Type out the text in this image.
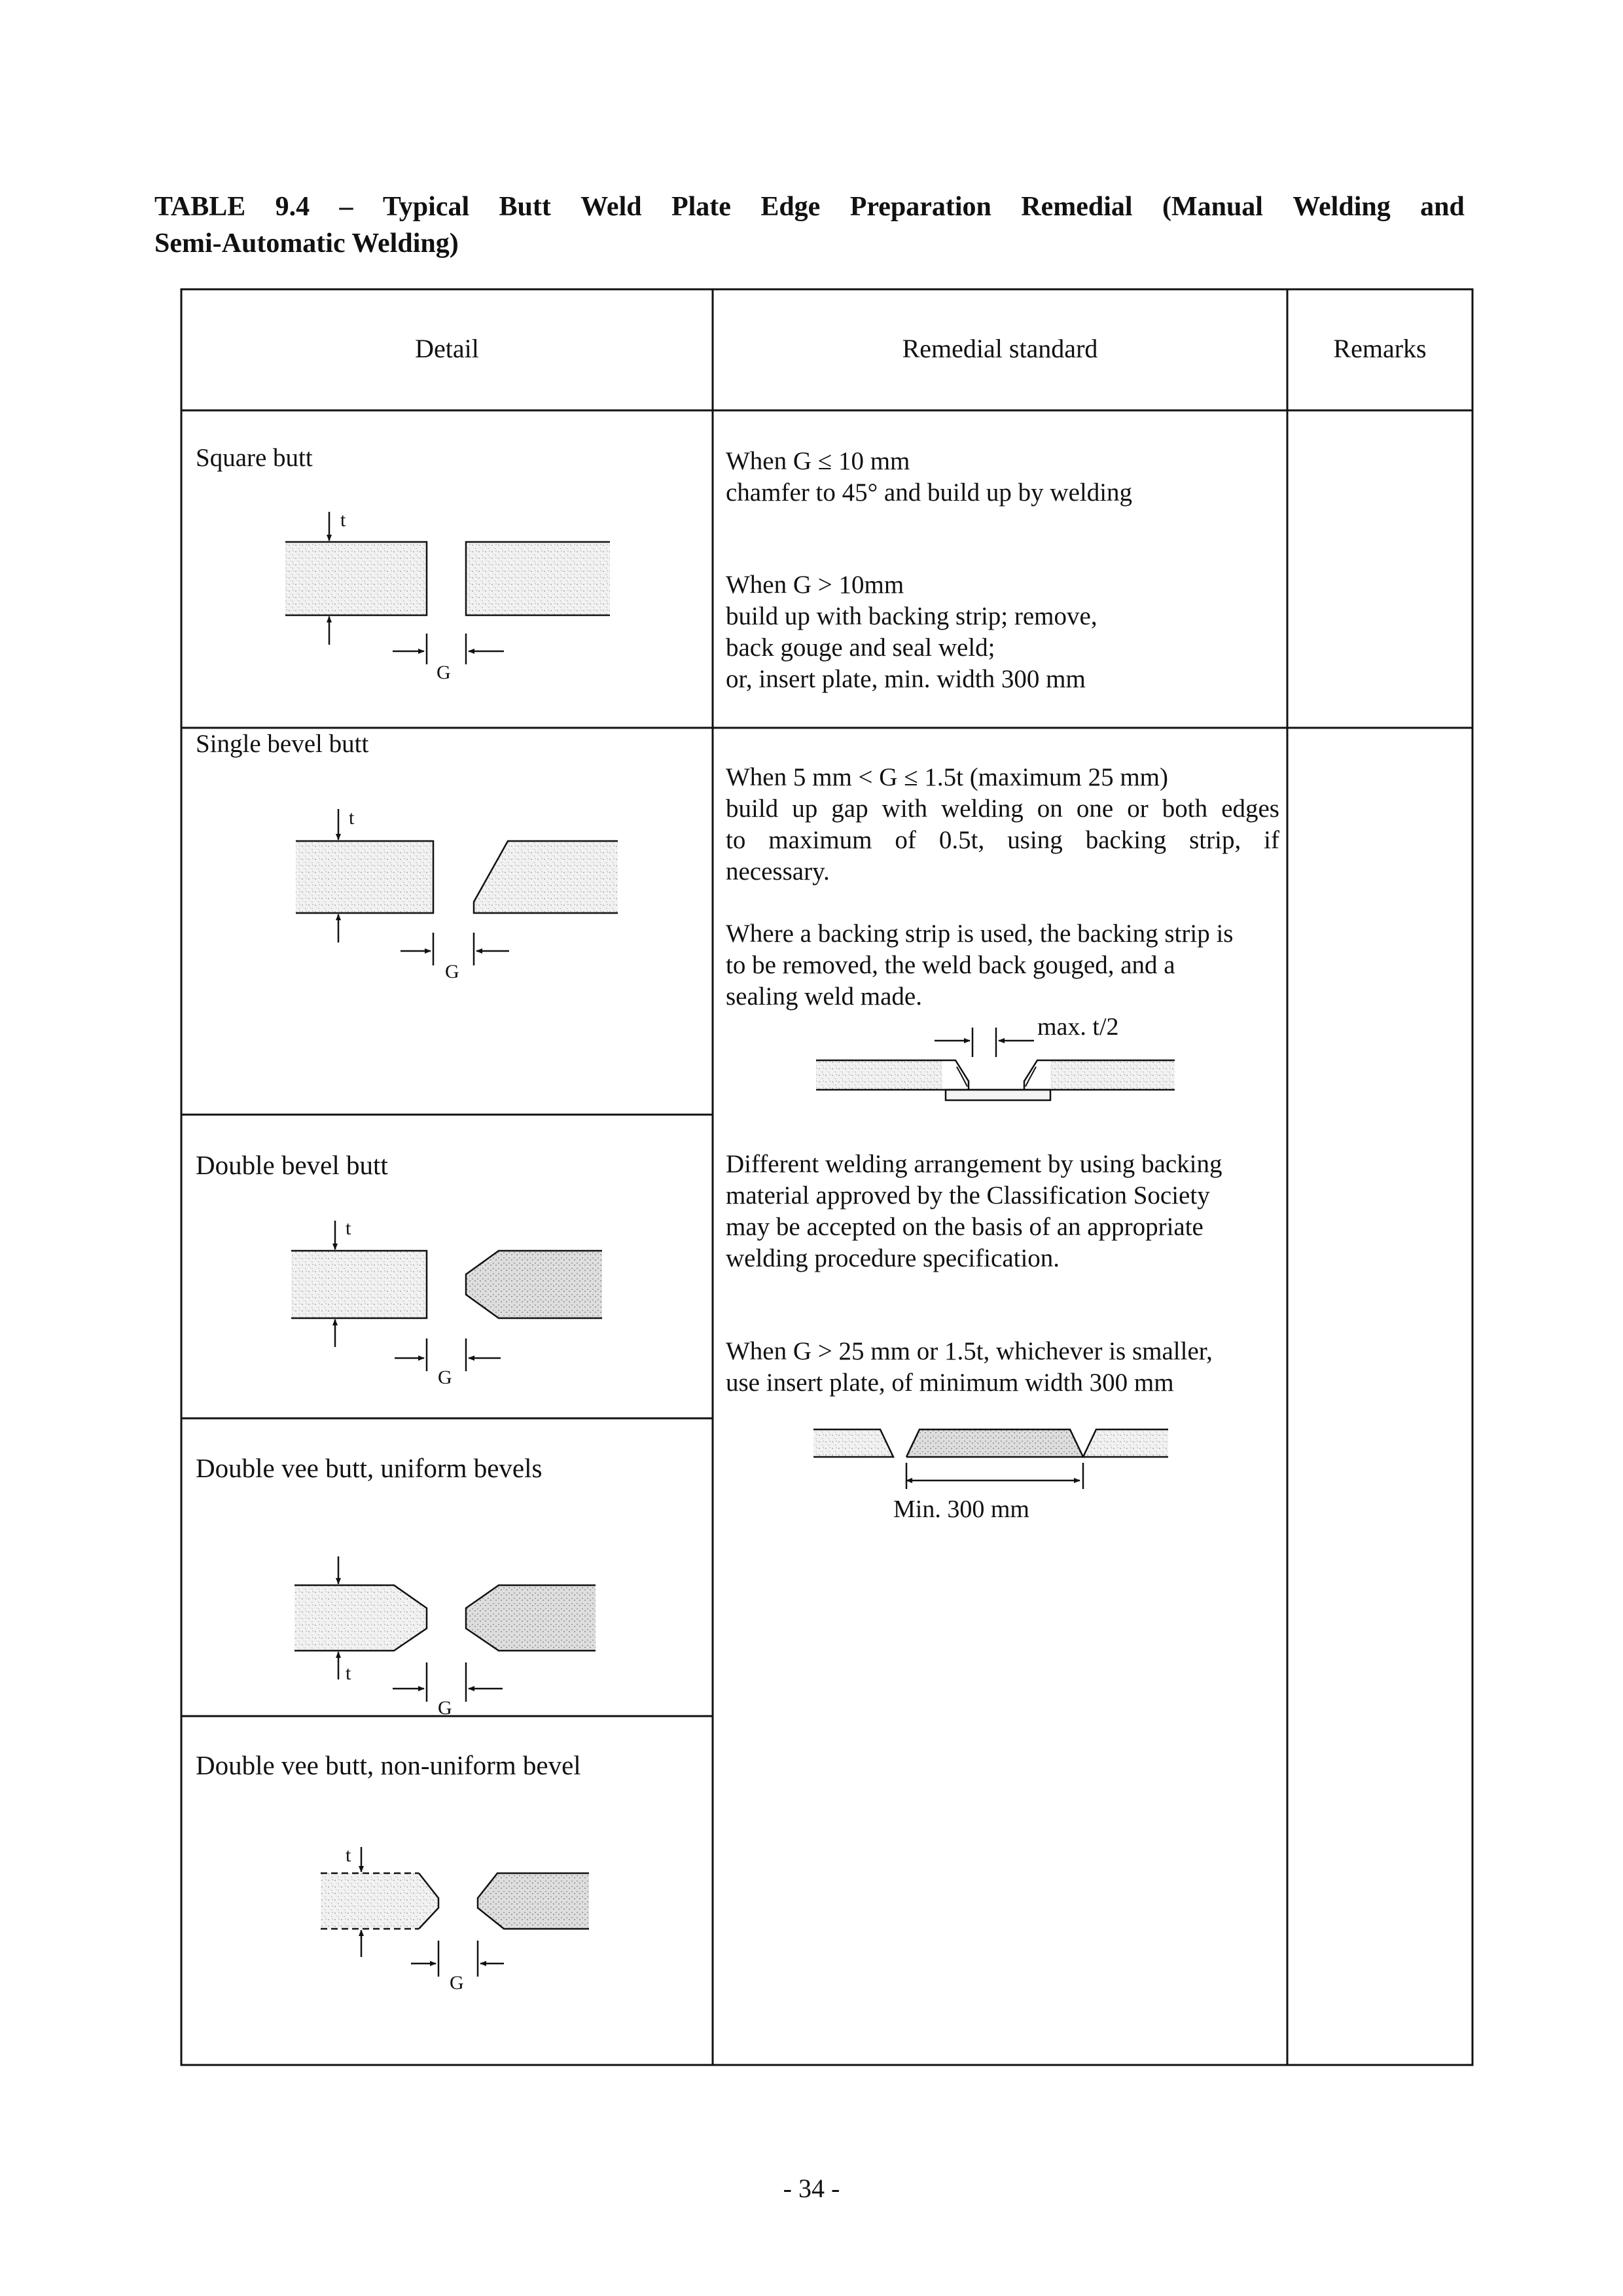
TABLE 9.4 – Typical Butt Weld Plate Edge Preparation Remedial (Manual Welding and
Semi-Automatic Welding)
Detail	Remedial standard	Remarks
Square butt
Single bevel butt
Double bevel butt
Double vee butt, uniform bevels
Double vee butt, non-uniform bevel
t
G
t
G
t
G
t
G
t
G
max. t/2
Min. 300 mm
When G ≤ 10 mm
chamfer to 45° and build up by welding
When G > 10mm
build up with backing strip; remove,
back gouge and seal weld;
or, insert plate, min. width 300 mm
When 5 mm < G ≤ 1.5t (maximum 25 mm)
build up gap with welding on one or both edges
to maximum of 0.5t, using backing strip, if
necessary.
Where a backing strip is used, the backing strip is
to be removed, the weld back gouged, and a
sealing weld made.
Different welding arrangement by using backing
material approved by the Classification Society
may be accepted on the basis of an appropriate
welding procedure specification.
When G > 25 mm or 1.5t, whichever is smaller,
use insert plate, of minimum width 300 mm
- 34 -
